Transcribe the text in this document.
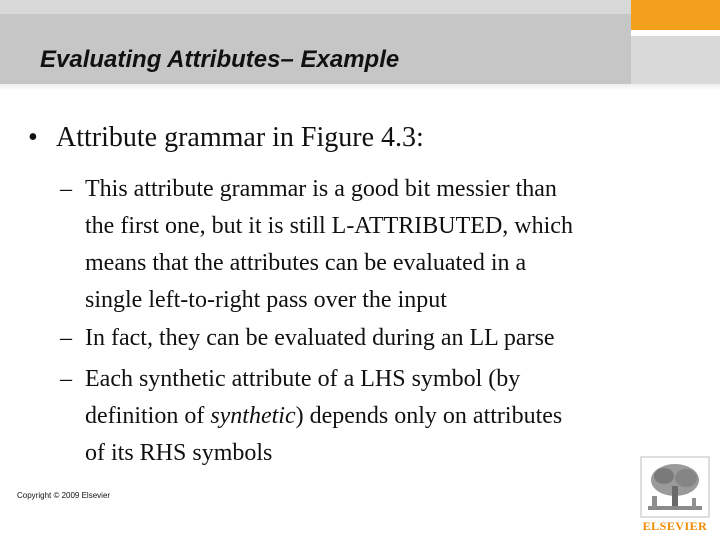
Evaluating Attributes– Example
• Attribute grammar in Figure 4.3:
– This attribute grammar is a good bit messier than
the first one, but it is still L-ATTRIBUTED, which
means that the attributes can be evaluated in a
single left-to-right pass over the input
– In fact, they can be evaluated during an LL parse
– Each synthetic attribute of a LHS symbol (by
definition of synthetic) depends only on attributes
of its RHS symbols
Copyright © 2009 Elsevier
ELSEVIER
